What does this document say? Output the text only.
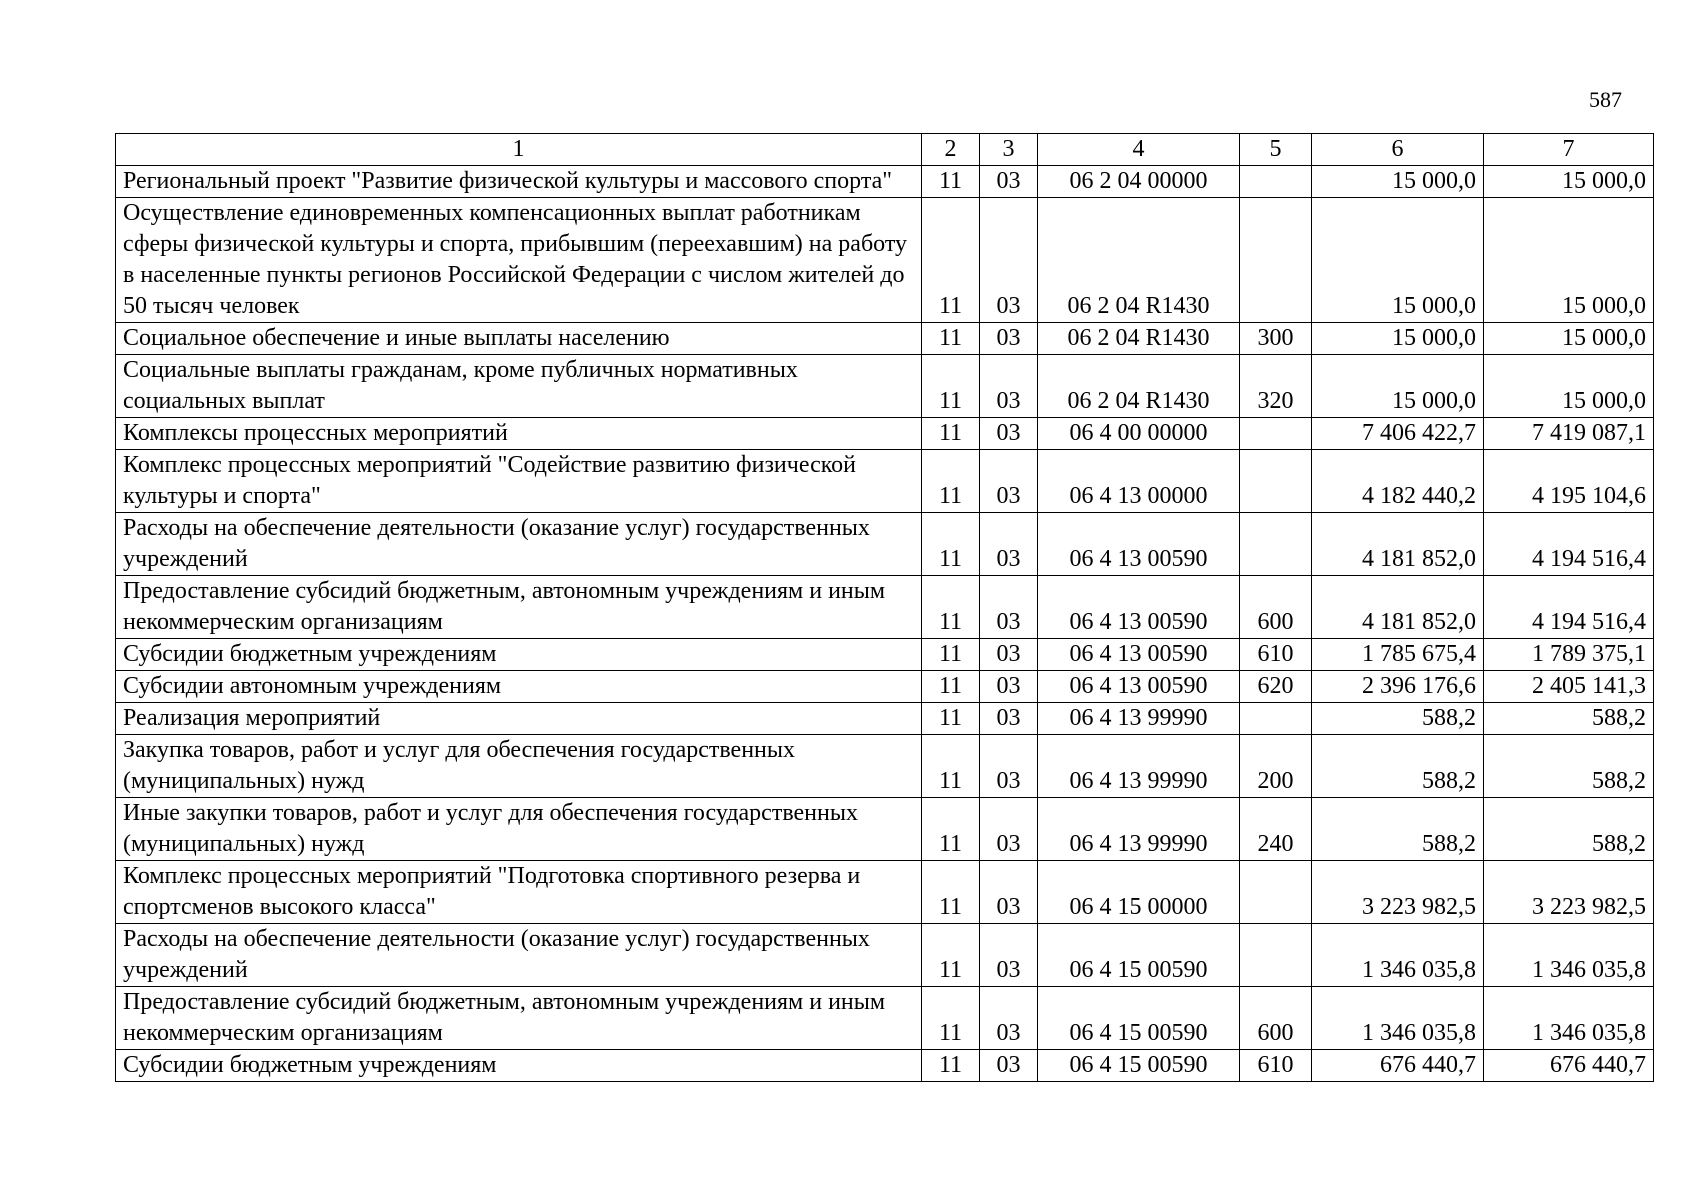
587
1	2	3	4	5	6	7
Региональный проект "Развитие физической культуры и массового спорта"	11	03	06 2 04 00000		15 000,0	15 000,0
Осуществление единовременных компенсационных выплат работникам сферы физической культуры и спорта, прибывшим (переехавшим) на работу в населенные пункты регионов Российской Федерации с числом жителей до 50 тысяч человек	11	03	06 2 04 R1430		15 000,0	15 000,0
Социальное обеспечение и иные выплаты населению	11	03	06 2 04 R1430	300	15 000,0	15 000,0
Социальные выплаты гражданам, кроме публичных нормативных социальных выплат	11	03	06 2 04 R1430	320	15 000,0	15 000,0
Комплексы процессных мероприятий	11	03	06 4 00 00000		7 406 422,7	7 419 087,1
Комплекс процессных мероприятий "Содействие развитию физической культуры и спорта"	11	03	06 4 13 00000		4 182 440,2	4 195 104,6
Расходы на обеспечение деятельности (оказание услуг) государственных учреждений	11	03	06 4 13 00590		4 181 852,0	4 194 516,4
Предоставление субсидий бюджетным, автономным учреждениям и иным некоммерческим организациям	11	03	06 4 13 00590	600	4 181 852,0	4 194 516,4
Субсидии бюджетным учреждениям	11	03	06 4 13 00590	610	1 785 675,4	1 789 375,1
Субсидии автономным учреждениям	11	03	06 4 13 00590	620	2 396 176,6	2 405 141,3
Реализация мероприятий	11	03	06 4 13 99990		588,2	588,2
Закупка товаров, работ и услуг для обеспечения государственных (муниципальных) нужд	11	03	06 4 13 99990	200	588,2	588,2
Иные закупки товаров, работ и услуг для обеспечения государственных (муниципальных) нужд	11	03	06 4 13 99990	240	588,2	588,2
Комплекс процессных мероприятий "Подготовка спортивного резерва и спортсменов высокого класса"	11	03	06 4 15 00000		3 223 982,5	3 223 982,5
Расходы на обеспечение деятельности (оказание услуг) государственных учреждений	11	03	06 4 15 00590		1 346 035,8	1 346 035,8
Предоставление субсидий бюджетным, автономным учреждениям и иным некоммерческим организациям	11	03	06 4 15 00590	600	1 346 035,8	1 346 035,8
Субсидии бюджетным учреждениям	11	03	06 4 15 00590	610	676 440,7	676 440,7
